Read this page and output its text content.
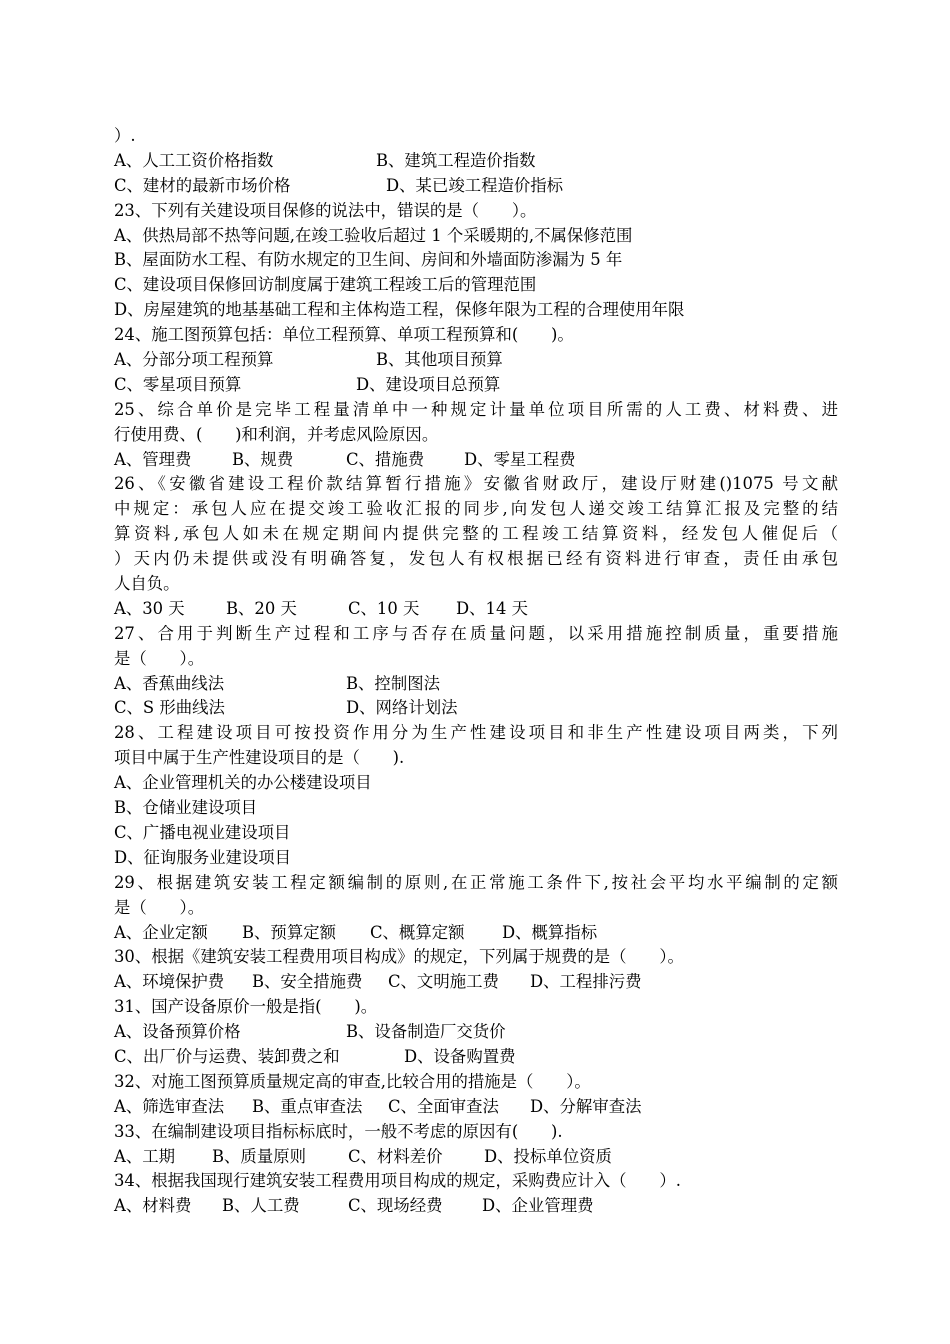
）.
A、人工工资价格指数	B、建筑工程造价指数
C、建材的最新市场价格	D、某已竣工程造价指标
23、下列有关建设项目保修的说法中，错误的是（　　）。
A、供热局部不热等问题,在竣工验收后超过 1 个采暖期的,不属保修范围
B、屋面防水工程、有防水规定的卫生间、房间和外墙面防渗漏为 5 年
C、建设项目保修回访制度属于建筑工程竣工后的管理范围
D、房屋建筑的地基基础工程和主体构造工程，保修年限为工程的合理使用年限
24、施工图预算包括：单位工程预算、单项工程预算和(　　)。
A、分部分项工程预算	B、其他项目预算
C、零星项目预算	D、建设项目总预算
25、综合单价是完毕工程量清单中一种规定计量单位项目所需的人工费、材料费、进
行使用费、(　　)和利润，并考虑风险原因。
A、管理费 B、规费	C、措施费 D、零星工程费
26、《安徽省建设工程价款结算暂行措施》安徽省财政厅，建设厅财建()1075 号文献
中规定：承包人应在提交竣工验收汇报的同步,向发包人递交竣工结算汇报及完整的结
算资料,承包人如未在规定期间内提供完整的工程竣工结算资料，经发包人催促后（
）天内仍未提供或没有明确答复，发包人有权根据已经有资料进行审查，责任由承包
人自负。
A、30 天	B、20 天	C、10 天 D、14 天
27、合用于判断生产过程和工序与否存在质量问题，以采用措施控制质量，重要措施
是（　　）。
A、香蕉曲线法	B、控制图法
C、S 形曲线法	D、网络计划法
28、工程建设项目可按投资作用分为生产性建设项目和非生产性建设项目两类，下列
项目中属于生产性建设项目的是（　　).
A、企业管理机关的办公楼建设项目
B、仓储业建设项目
C、广播电视业建设项目
D、征询服务业建设项目
29、根据建筑安装工程定额编制的原则,在正常施工条件下,按社会平均水平编制的定额
是（　　）。
A、企业定额 B、预算定额 C、概算定额 D、概算指标
30、根据《建筑安装工程费用项目构成》的规定，下列属于规费的是（　　）。
A、环境保护费 B、安全措施费 C、文明施工费 D、工程排污费
31、国产设备原价一般是指(　　)。
A、设备预算价格	B、设备制造厂交货价
C、出厂价与运费、装卸费之和	D、设备购置费
32、对施工图预算质量规定高的审查,比较合用的措施是（　　）。
A、筛选审查法 B、重点审查法 C、全面审查法 D、分解审查法
33、在编制建设项目指标标底时，一般不考虑的原因有(　　).
A、工期 B、质量原则	C、材料差价	D、投标单位资质
34、根据我国现行建筑安装工程费用项目构成的规定，采购费应计入（　　）.
A、材料费 B、人工费	C、现场经费 D、企业管理费
